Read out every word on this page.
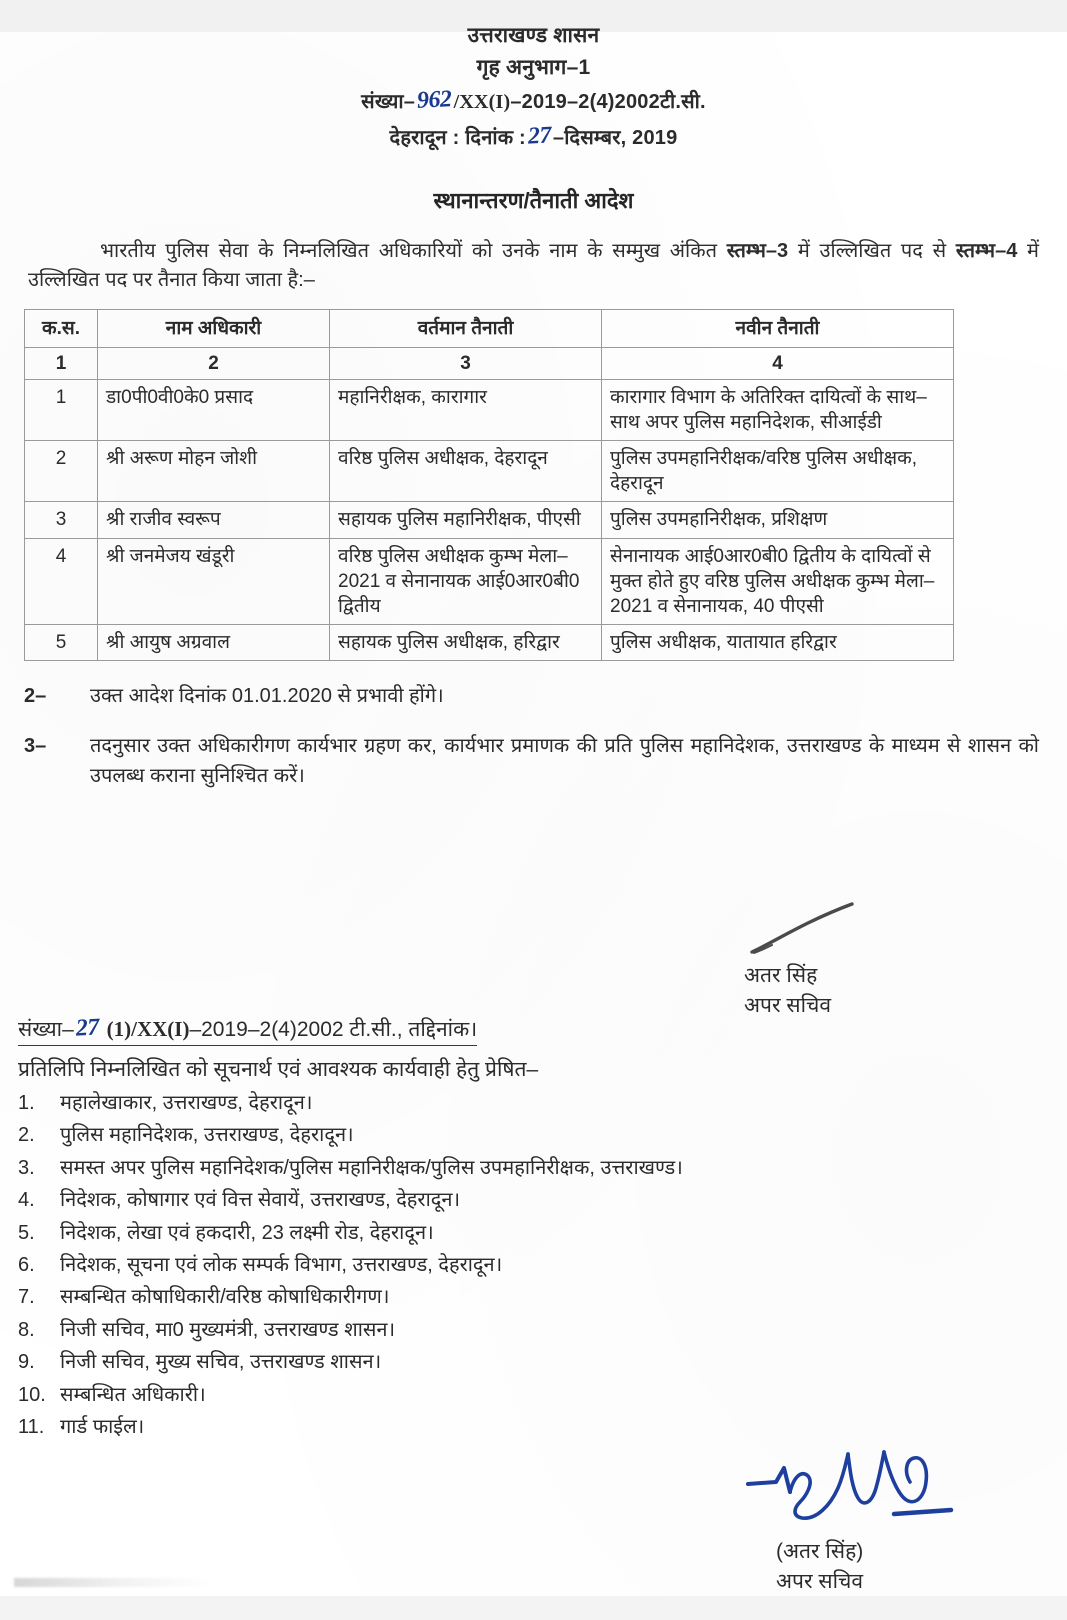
उत्तराखण्ड शासन
गृह अनुभाग–1
संख्या–962/XX(I)–2019–2(4)2002टी.सी.
देहरादून : दिनांक :27–दिसम्बर, 2019
स्थानान्तरण/तैनाती आदेश
भारतीय पुलिस सेवा के निम्नलिखित अधिकारियों को उनके नाम के सम्मुख अंकित स्तम्भ–3 में उल्लिखित पद से स्तम्भ–4 में उल्लिखित पद पर तैनात किया जाता है:–
क.स.	नाम अधिकारी	वर्तमान तैनाती	नवीन तैनाती
1	2	3	4
1	डा0पी0वी0के0 प्रसाद	महानिरीक्षक, कारागार	कारागार विभाग के अतिरिक्त दायित्वों के साथ–साथ अपर पुलिस महानिदेशक, सीआईडी
2	श्री अरूण मोहन जोशी	वरिष्ठ पुलिस अधीक्षक, देहरादून	पुलिस उपमहानिरीक्षक/वरिष्ठ पुलिस अधीक्षक, देहरादून
3	श्री राजीव स्वरूप	सहायक पुलिस महानिरीक्षक, पीएसी	पुलिस उपमहानिरीक्षक, प्रशिक्षण
4	श्री जनमेजय खंडूरी	वरिष्ठ पुलिस अधीक्षक कुम्भ मेला–2021 व सेनानायक आई0आर0बी0 द्वितीय	सेनानायक आई0आर0बी0 द्वितीय के दायित्वों से मुक्त होते हुए वरिष्ठ पुलिस अधीक्षक कुम्भ मेला–2021 व सेनानायक, 40 पीएसी
5	श्री आयुष अग्रवाल	सहायक पुलिस अधीक्षक, हरिद्वार	पुलिस अधीक्षक, यातायात हरिद्वार
2–	उक्त आदेश दिनांक 01.01.2020 से प्रभावी होंगे।
3–	तदनुसार उक्त अधिकारीगण कार्यभार ग्रहण कर, कार्यभार प्रमाणक की प्रति पुलिस महानिदेशक, उत्तराखण्ड के माध्यम से शासन को उपलब्ध कराना सुनिश्चित करें।
अतर सिंह
अपर सचिव
संख्या–27 (1)/XX(I)–2019–2(4)2002 टी.सी., तद्दिनांक।
प्रतिलिपि निम्नलिखित को सूचनार्थ एवं आवश्यक कार्यवाही हेतु प्रेषित–
1.	महालेखाकार, उत्तराखण्ड, देहरादून।
2.	पुलिस महानिदेशक, उत्तराखण्ड, देहरादून।
3.	समस्त अपर पुलिस महानिदेशक/पुलिस महानिरीक्षक/पुलिस उपमहानिरीक्षक, उत्तराखण्ड।
4.	निदेशक, कोषागार एवं वित्त सेवायें, उत्तराखण्ड, देहरादून।
5.	निदेशक, लेखा एवं हकदारी, 23 लक्ष्मी रोड, देहरादून।
6.	निदेशक, सूचना एवं लोक सम्पर्क विभाग, उत्तराखण्ड, देहरादून।
7.	सम्बन्धित कोषाधिकारी/वरिष्ठ कोषाधिकारीगण।
8.	निजी सचिव, मा0 मुख्यमंत्री, उत्तराखण्ड शासन।
9.	निजी सचिव, मुख्य सचिव, उत्तराखण्ड शासन।
10. सम्बन्धित अधिकारी।
11. गार्ड फाईल।
(अतर सिंह)
अपर सचिव
